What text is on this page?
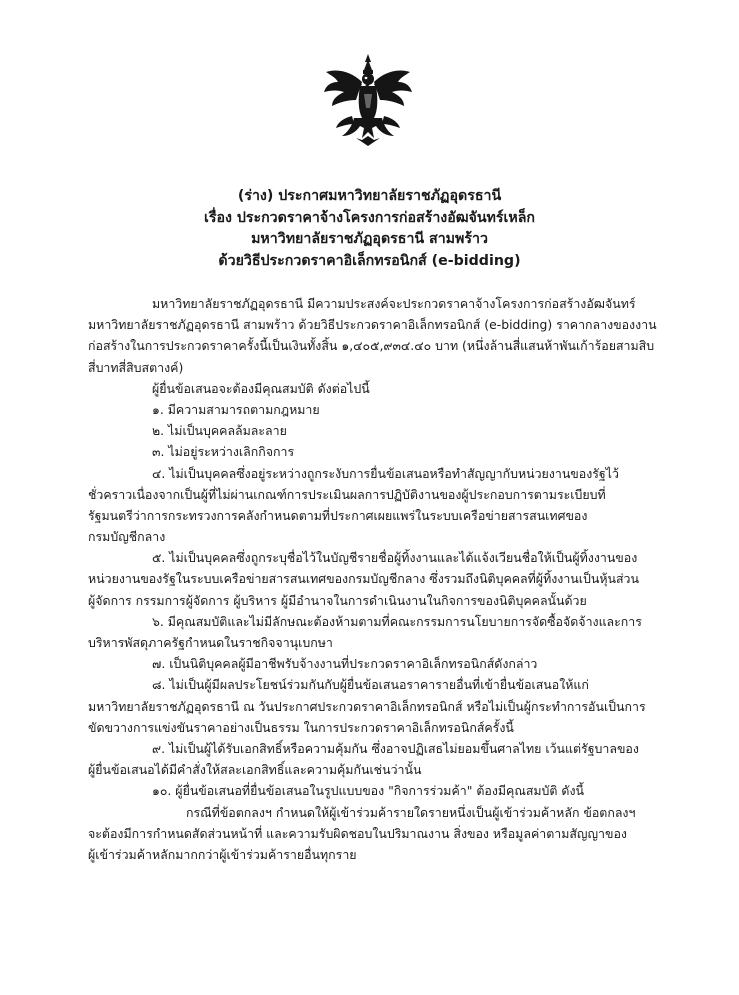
(ร่าง) ประกาศมหาวิทยาลัยราชภัฏอุดรธานี
เรื่อง ประกวดราคาจ้างโครงการก่อสร้างอัฒจันทร์เหล็ก
มหาวิทยาลัยราชภัฏอุดรธานี สามพร้าว
ด้วยวิธีประกวดราคาอิเล็กทรอนิกส์ (e-bidding)
มหาวิทยาลัยราชภัฏอุดรธานี มีความประสงค์จะประกวดราคาจ้างโครงการก่อสร้างอัฒจันทร์
มหาวิทยาลัยราชภัฏอุดรธานี สามพร้าว ด้วยวิธีประกวดราคาอิเล็กทรอนิกส์ (e-bidding) ราคากลางของงาน
ก่อสร้างในการประกวดราคาครั้งนี้เป็นเงินทั้งสิ้น ๑,๔๐๕,๙๓๔.๔๐ บาท (หนึ่งล้านสี่แสนห้าพันเก้าร้อยสามสิบ
สี่บาทสี่สิบสตางค์)
ผู้ยื่นข้อเสนอจะต้องมีคุณสมบัติ ดังต่อไปนี้
๑. มีความสามารถตามกฎหมาย
๒. ไม่เป็นบุคคลล้มละลาย
๓. ไม่อยู่ระหว่างเลิกกิจการ
๔. ไม่เป็นบุคคลซึ่งอยู่ระหว่างถูกระงับการยื่นข้อเสนอหรือทำสัญญากับหน่วยงานของรัฐไว้
ชั่วคราวเนื่องจากเป็นผู้ที่ไม่ผ่านเกณฑ์การประเมินผลการปฏิบัติงานของผู้ประกอบการตามระเบียบที่
รัฐมนตรีว่าการกระทรวงการคลังกำหนดตามที่ประกาศเผยแพร่ในระบบเครือข่ายสารสนเทศของ
กรมบัญชีกลาง
๕. ไม่เป็นบุคคลซึ่งถูกระบุชื่อไว้ในบัญชีรายชื่อผู้ทิ้งงานและได้แจ้งเวียนชื่อให้เป็นผู้ทิ้งงานของ
หน่วยงานของรัฐในระบบเครือข่ายสารสนเทศของกรมบัญชีกลาง ซึ่งรวมถึงนิติบุคคลที่ผู้ทิ้งงานเป็นหุ้นส่วน
ผู้จัดการ กรรมการผู้จัดการ ผู้บริหาร ผู้มีอำนาจในการดำเนินงานในกิจการของนิติบุคคลนั้นด้วย
๖. มีคุณสมบัติและไม่มีลักษณะต้องห้ามตามที่คณะกรรมการนโยบายการจัดซื้อจัดจ้างและการ
บริหารพัสดุภาครัฐกำหนดในราชกิจจานุเบกษา
๗. เป็นนิติบุคคลผู้มีอาชีพรับจ้างงานที่ประกวดราคาอิเล็กทรอนิกส์ดังกล่าว
๘. ไม่เป็นผู้มีผลประโยชน์ร่วมกันกับผู้ยื่นข้อเสนอราคารายอื่นที่เข้ายื่นข้อเสนอให้แก่
มหาวิทยาลัยราชภัฏอุดรธานี ณ วันประกาศประกวดราคาอิเล็กทรอนิกส์ หรือไม่เป็นผู้กระทำการอันเป็นการ
ขัดขวางการแข่งขันราคาอย่างเป็นธรรม ในการประกวดราคาอิเล็กทรอนิกส์ครั้งนี้
๙. ไม่เป็นผู้ได้รับเอกสิทธิ์หรือความคุ้มกัน ซึ่งอาจปฏิเสธไม่ยอมขึ้นศาลไทย เว้นแต่รัฐบาลของ
ผู้ยื่นข้อเสนอได้มีคำสั่งให้สละเอกสิทธิ์และความคุ้มกันเช่นว่านั้น
๑๐. ผู้ยื่นข้อเสนอที่ยื่นข้อเสนอในรูปแบบของ "กิจการร่วมค้า" ต้องมีคุณสมบัติ ดังนี้
กรณีที่ข้อตกลงฯ กำหนดให้ผู้เข้าร่วมค้ารายใดรายหนึ่งเป็นผู้เข้าร่วมค้าหลัก ข้อตกลงฯ
จะต้องมีการกำหนดสัดส่วนหน้าที่ และความรับผิดชอบในปริมาณงาน สิ่งของ หรือมูลค่าตามสัญญาของ
ผู้เข้าร่วมค้าหลักมากกว่าผู้เข้าร่วมค้ารายอื่นทุกราย
